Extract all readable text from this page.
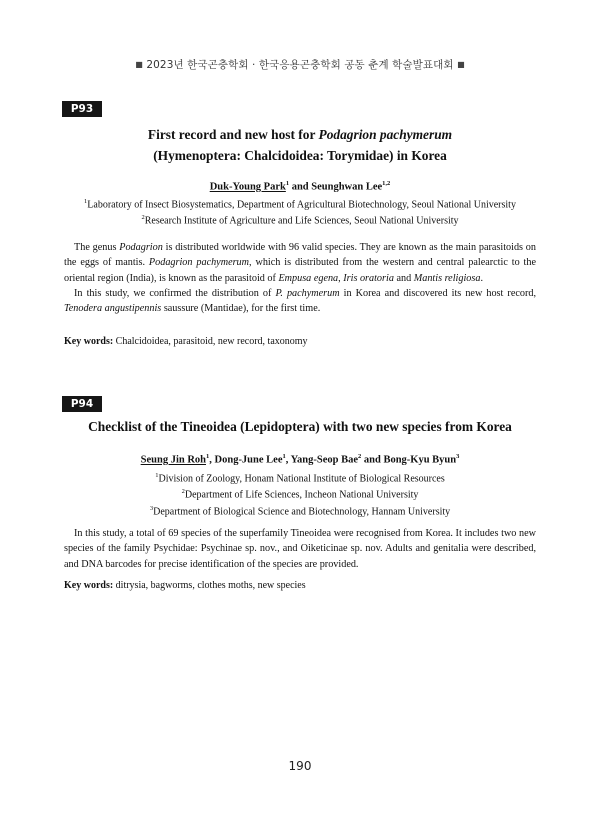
■ 2023년 한국곤충학회 · 한국응용곤충학회 공동 춘계 학술발표대회 ■
P93
First record and new host for Podagrion pachymerum
(Hymenoptera: Chalcidoidea: Torymidae) in Korea
Duk-Young Park$^1$ and Seunghwan Lee$^{1,2}$
$^1$Laboratory of Insect Biosystematics, Department of Agricultural Biotechnology, Seoul National University
$^2$Research Institute of Agriculture and Life Sciences, Seoul National University

The genus Podagrion is distributed worldwide with 96 valid species. They are known as the main parasitoids on the eggs of mantis. Podagrion pachymerum, which is distributed from the western and central palearctic to the oriental region (India), is known as the parasitoid of Empusa egena, Iris oratoria and Mantis religiosa.

In this study, we confirmed the distribution of P. pachymerum in Korea and discovered its new host record, Tenodera angustipennis saussure (Mantidae), for the first time.

Key words: Chalcidoidea, parasitoid, new record, taxonomy
P94
Checklist of the Tineoidea (Lepidoptera) with two new species from Korea
Seung Jin Roh$^1$, Dong-June Lee$^1$, Yang-Seop Bae$^2$ and Bong-Kyu Byun$^3$
$^1$Division of Zoology, Honam National Institute of Biological Resources
$^2$Department of Life Sciences, Incheon National University
$^3$Department of Biological Science and Biotechnology, Hannam University

In this study, a total of 69 species of the superfamily Tineoidea were recognised from Korea. It includes two new species of the family Psychidae: Psychinae sp. nov., and Oiketicinae sp. nov. Adults and genitalia were described, and DNA barcodes for precise identification of the species are provided.

Key words: ditrysia, bagworms, clothes moths, new species
190
